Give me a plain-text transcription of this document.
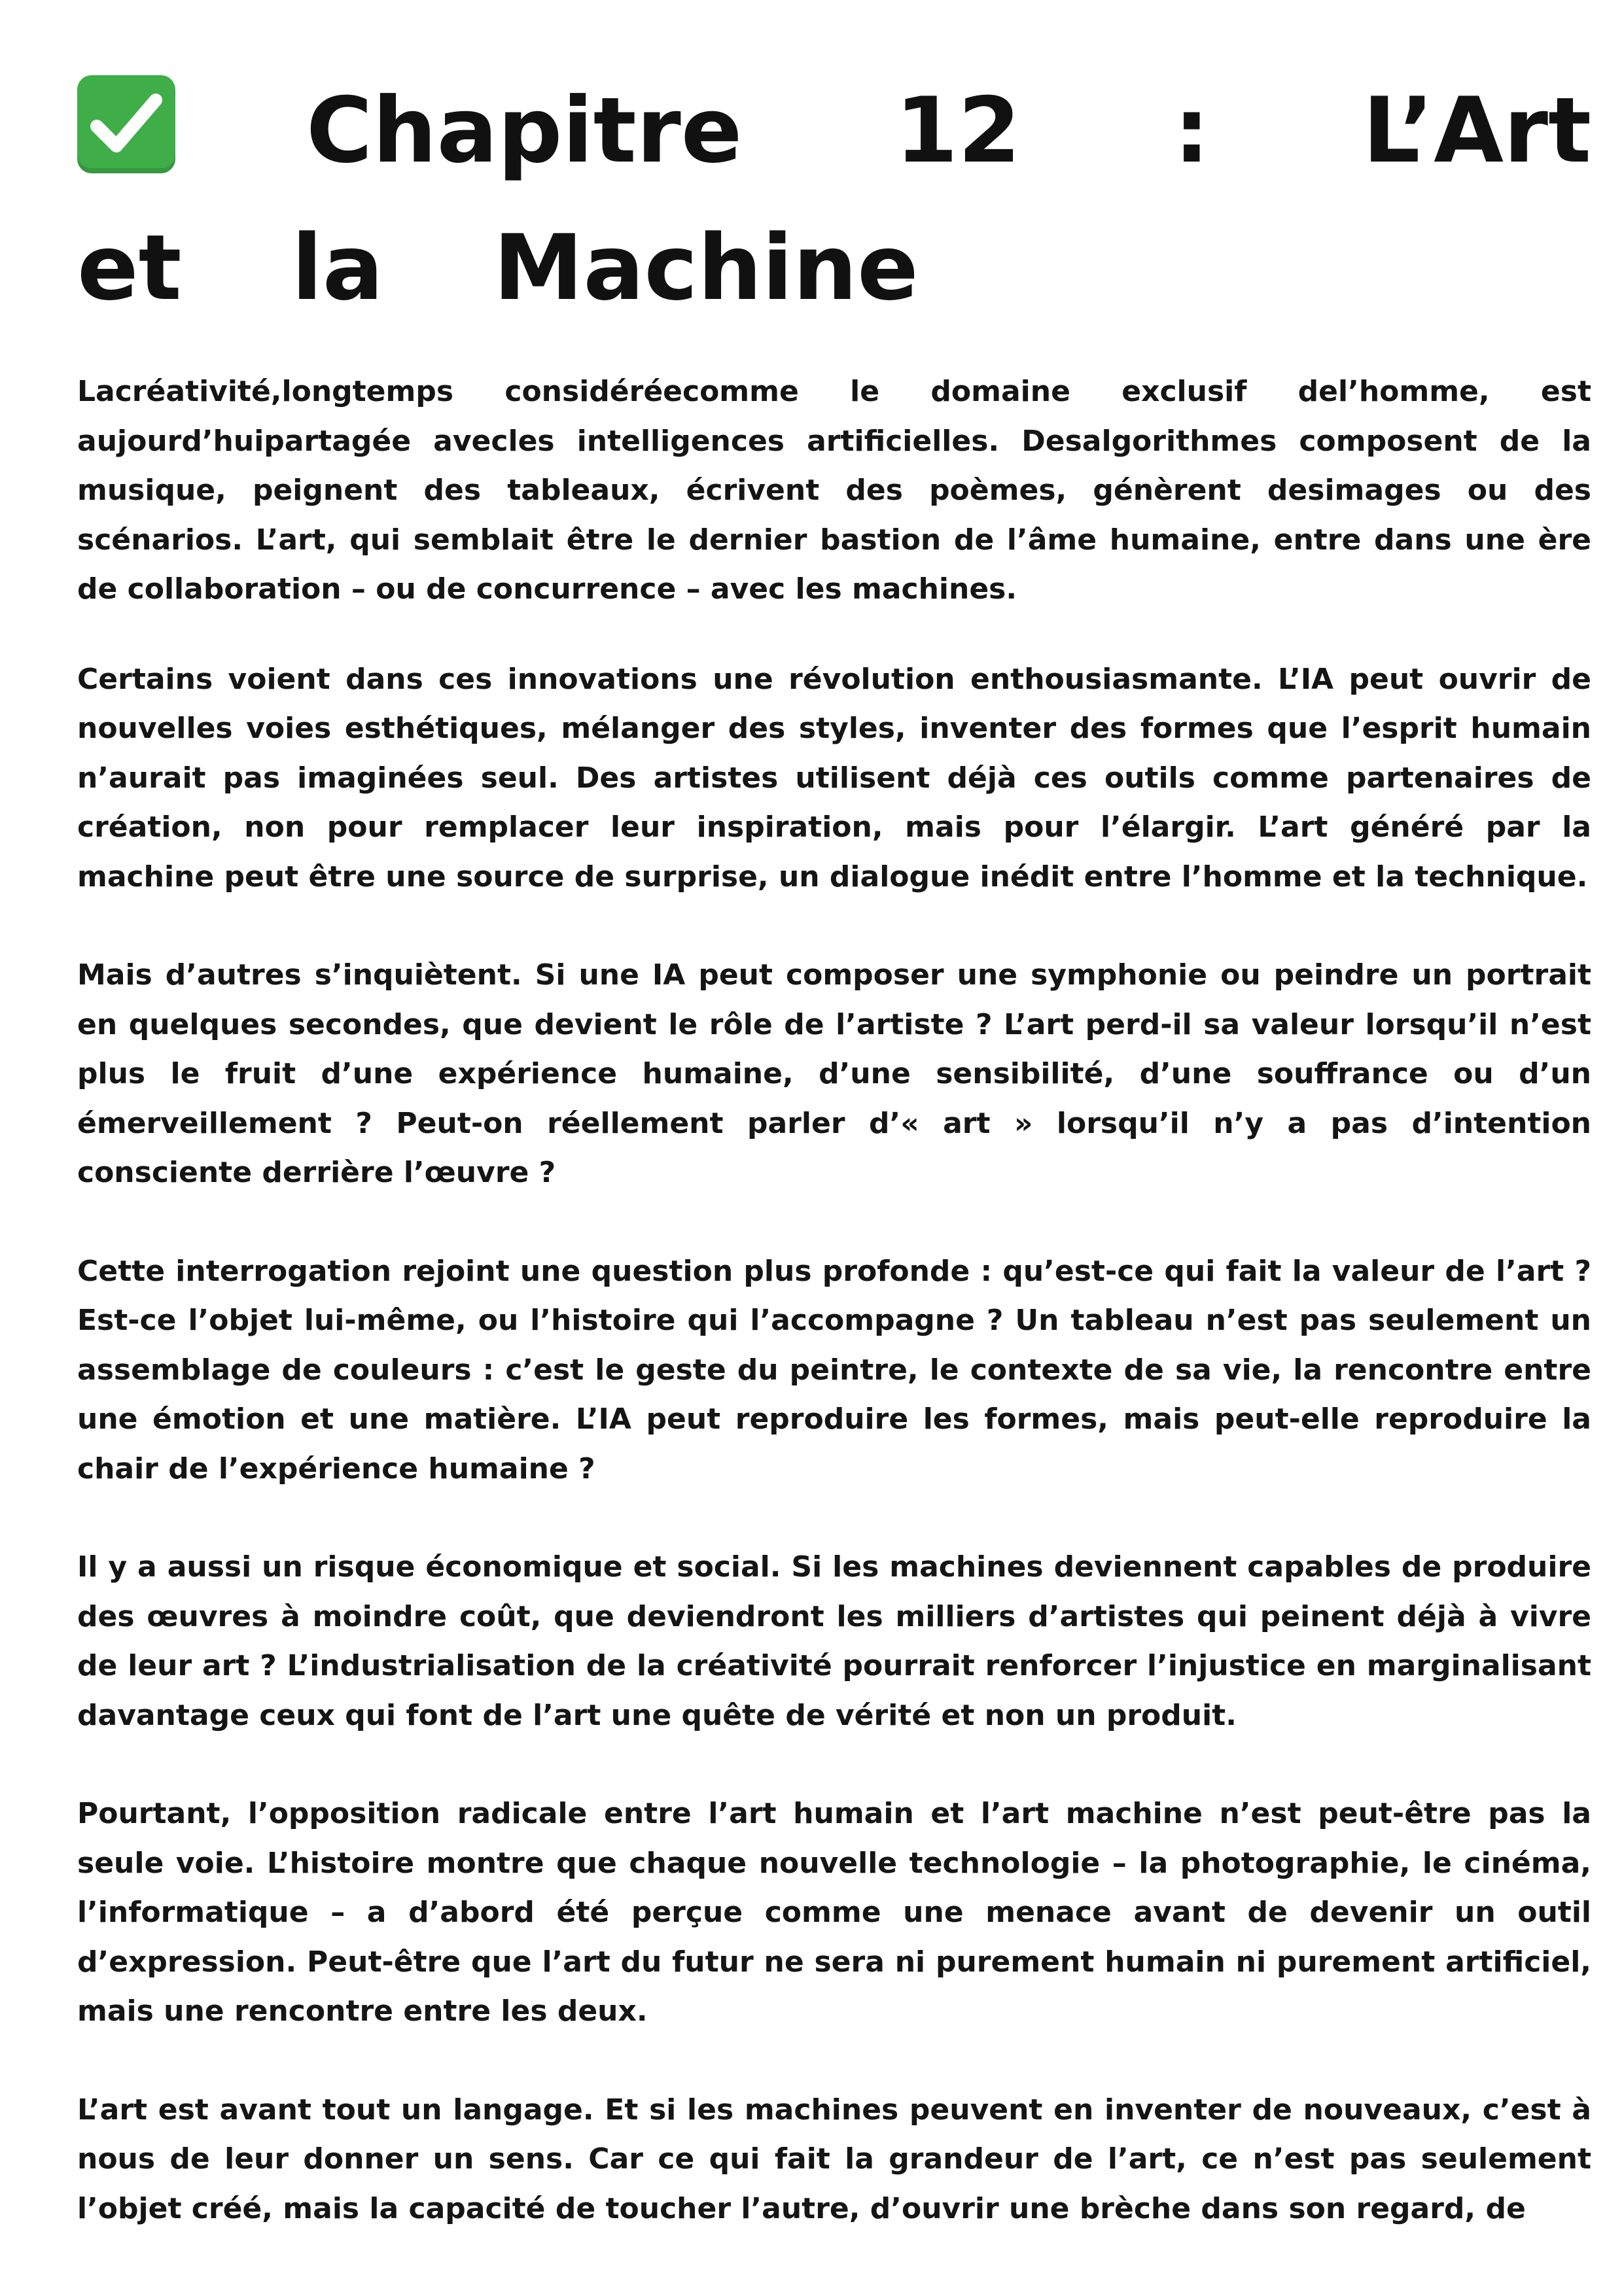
Chapitre 12 : L’Art et la Machine

Lacréativité,longtemps considéréecomme le domaine exclusif del’homme, est aujourd’huipartagée avecles intelligences artificielles. Desalgorithmes composent de la musique, peignent des tableaux, écrivent des poèmes, génèrent desimages ou des scénarios. L’art, qui semblait être le dernier bastion de l’âme humaine, entre dans une ère de collaboration – ou de concurrence – avec les machines.

Certains voient dans ces innovations une révolution enthousiasmante. L’IA peut ouvrir de nouvelles voies esthétiques, mélanger des styles, inventer des formes que l’esprit humain n’aurait pas imaginées seul. Des artistes utilisent déjà ces outils comme partenaires de création, non pour remplacer leur inspiration, mais pour l’élargir. L’art généré par la machine peut être une source de surprise, un dialogue inédit entre l’homme et la technique.

Mais d’autres s’inquiètent. Si une IA peut composer une symphonie ou peindre un portrait en quelques secondes, que devient le rôle de l’artiste ? L’art perd-il sa valeur lorsqu’il n’est plus le fruit d’une expérience humaine, d’une sensibilité, d’une souffrance ou d’un émerveillement ? Peut-on réellement parler d’« art » lorsqu’il n’y a pas d’intention consciente derrière l’œuvre ?

Cette interrogation rejoint une question plus profonde : qu’est-ce qui fait la valeur de l’art ? Est-ce l’objet lui-même, ou l’histoire qui l’accompagne ? Un tableau n’est pas seulement un assemblage de couleurs : c’est le geste du peintre, le contexte de sa vie, la rencontre entre une émotion et une matière. L’IA peut reproduire les formes, mais peut-elle reproduire la chair de l’expérience humaine ?

Il y a aussi un risque économique et social. Si les machines deviennent capables de produire des œuvres à moindre coût, que deviendront les milliers d’artistes qui peinent déjà à vivre de leur art ? L’industrialisation de la créativité pourrait renforcer l’injustice en marginalisant davantage ceux qui font de l’art une quête de vérité et non un produit.

Pourtant, l’opposition radicale entre l’art humain et l’art machine n’est peut-être pas la seule voie. L’histoire montre que chaque nouvelle technologie – la photographie, le cinéma, l’informatique – a d’abord été perçue comme une menace avant de devenir un outil d’expression. Peut-être que l’art du futur ne sera ni purement humain ni purement artificiel, mais une rencontre entre les deux.

L’art est avant tout un langage. Et si les machines peuvent en inventer de nouveaux, c’est à nous de leur donner un sens. Car ce qui fait la grandeur de l’art, ce n’est pas seulement l’objet créé, mais la capacité de toucher l’autre, d’ouvrir une brèche dans son regard, de
